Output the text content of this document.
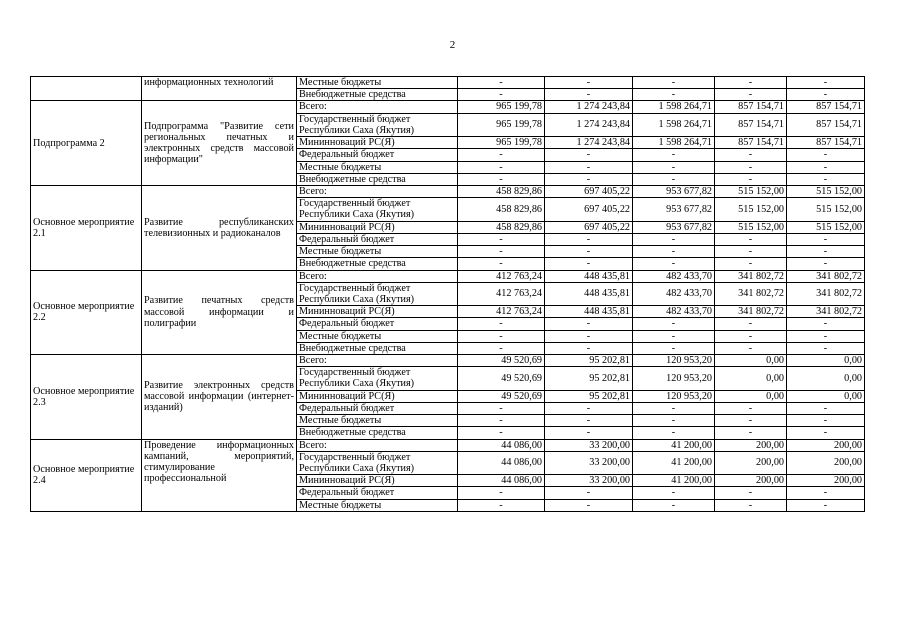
2
	информационных технологий	Местные бюджеты	-	-	-	-	-
		Внебюджетные средства	-	-	-	-	-
Подпрограмма 2	Подпрограмма "Развитие сети региональных печатных и электронных средств массовой информации"	Всего:	965 199,78	1 274 243,84	1 598 264,71	857 154,71	857 154,71
		Государственный бюджет Республики Саха (Якутия)	965 199,78	1 274 243,84	1 598 264,71	857 154,71	857 154,71
		Мининноваций РС(Я)	965 199,78	1 274 243,84	1 598 264,71	857 154,71	857 154,71
		Федеральный бюджет	-	-	-	-	-
		Местные бюджеты	-	-	-	-	-
		Внебюджетные средства	-	-	-	-	-
Основное мероприятие 2.1	Развитие республиканских телевизионных и радиоканалов	Всего:	458 829,86	697 405,22	953 677,82	515 152,00	515 152,00
		Государственный бюджет Республики Саха (Якутия)	458 829,86	697 405,22	953 677,82	515 152,00	515 152,00
		Мининноваций РС(Я)	458 829,86	697 405,22	953 677,82	515 152,00	515 152,00
		Федеральный бюджет	-	-	-	-	-
		Местные бюджеты	-	-	-	-	-
		Внебюджетные средства	-	-	-	-	-
Основное мероприятие 2.2	Развитие печатных средств массовой информации и полиграфии	Всего:	412 763,24	448 435,81	482 433,70	341 802,72	341 802,72
		Государственный бюджет Республики Саха (Якутия)	412 763,24	448 435,81	482 433,70	341 802,72	341 802,72
		Мининноваций РС(Я)	412 763,24	448 435,81	482 433,70	341 802,72	341 802,72
		Федеральный бюджет	-	-	-	-	-
		Местные бюджеты	-	-	-	-	-
		Внебюджетные средства	-	-	-	-	-
Основное мероприятие 2.3	Развитие электронных средств массовой информации (интернет-изданий)	Всего:	49 520,69	95 202,81	120 953,20	0,00	0,00
		Государственный бюджет Республики Саха (Якутия)	49 520,69	95 202,81	120 953,20	0,00	0,00
		Мининноваций РС(Я)	49 520,69	95 202,81	120 953,20	0,00	0,00
		Федеральный бюджет	-	-	-	-	-
		Местные бюджеты	-	-	-	-	-
		Внебюджетные средства	-	-	-	-	-
Основное мероприятие 2.4	Проведение информационных кампаний, мероприятий, стимулирование профессиональной	Всего:	44 086,00	33 200,00	41 200,00	200,00	200,00
		Государственный бюджет Республики Саха (Якутия)	44 086,00	33 200,00	41 200,00	200,00	200,00
		Мининноваций РС(Я)	44 086,00	33 200,00	41 200,00	200,00	200,00
		Федеральный бюджет	-	-	-	-	-
		Местные бюджеты	-	-	-	-	-
